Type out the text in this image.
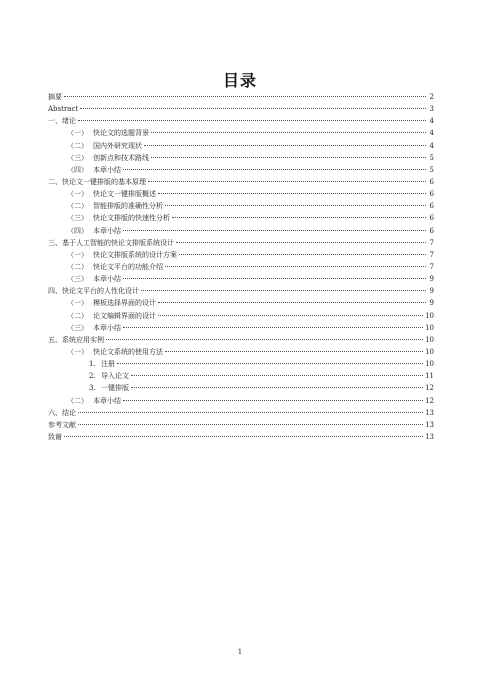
目录
摘要	2
Abstract	3
一、绪论	4
（一） 快论文的选题背景	4
（二） 国内外研究现状	4
（三） 创新点和技术路线	5
（四） 本章小结	5
二、快论文一键排版的基本原理	6
（一） 快论文一键排版概述	6
（二） 智能排版的准确性分析	6
（三） 快论文排版的快速性分析	6
（四） 本章小结	6
三、基于人工智能的快论文排版系统设计	7
（一） 快论文排版系统的设计方案	7
（二） 快论文平台的功能介绍	7
（三） 本章小结	9
四、快论文平台的人性化设计	9
（一） 模板选择界面的设计	9
（二） 论文编辑界面的设计	10
（三） 本章小结	10
五、系统应用实例	10
（一） 快论文系统的使用方法	10
1. 注册	10
2. 导入论文	11
3. 一键排版	12
（二） 本章小结	12
六、结论	13
参考文献	13
致谢	13
1
